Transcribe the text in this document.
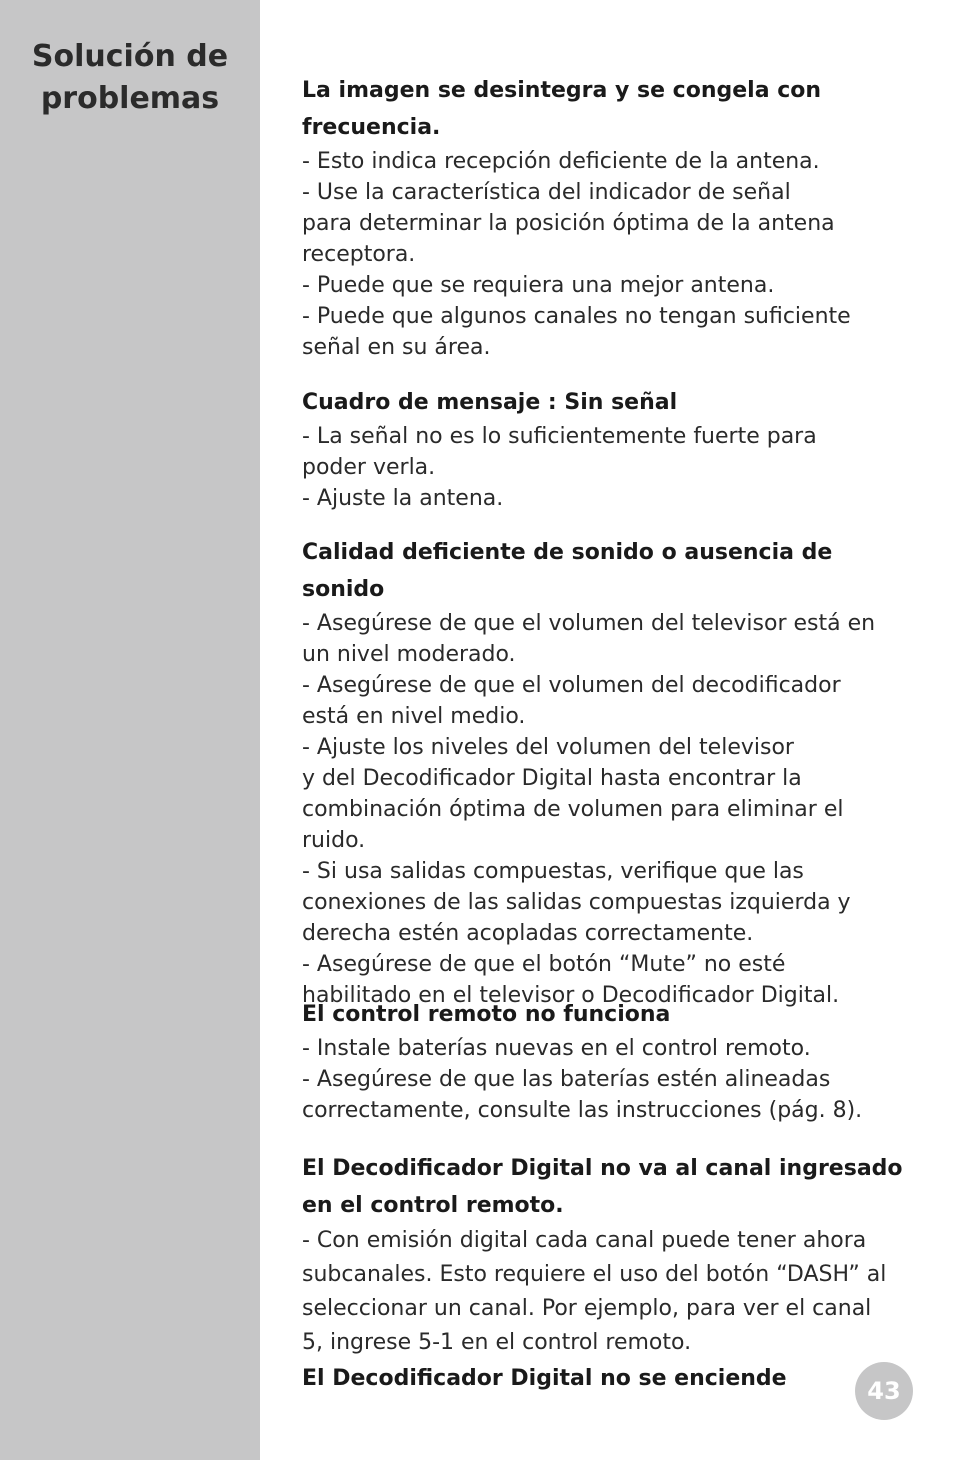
Solución de
problemas	La imagen se desintegra y se congela con

frecuencia.

- Esto indica recepción deficiente de la antena.

- Use la característica del indicador de señal

para determinar la posición óptima de la antena

receptora.

- Puede que se requiera una mejor antena.

- Puede que algunos canales no tengan suficiente

señal en su área.

Cuadro de mensaje : Sin señal

- La señal no es lo suficientemente fuerte para

poder verla.

- Ajuste la antena.

Calidad deficiente de sonido o ausencia de sonido

- Asegúrese de que el volumen del televisor está en

un nivel moderado.

- Asegúrese de que el volumen del decodificador

está en nivel medio.

- Ajuste los niveles del volumen del televisor

y del Decodificador Digital hasta encontrar la

combinación óptima de volumen para eliminar el

ruido.

- Si usa salidas compuestas, verifique que las

conexiones de las salidas compuestas izquierda y

derecha estén acopladas correctamente.

- Asegúrese de que el botón “Mute” no esté

habilitado en el televisor o Decodificador Digital.

El control remoto no funciona

- Instale baterías nuevas en el control remoto.

- Asegúrese de que las baterías estén alineadas

correctamente, consulte las instrucciones (pág. 8).

El Decodificador Digital no va al canal ingresado

en el control remoto.

- Con emisión digital cada canal puede tener ahora

subcanales. Esto requiere el uso del botón “DASH” al

seleccionar un canal. Por ejemplo, para ver el canal

5, ingrese 5-1 en el control remoto.

El Decodificador Digital no se enciende	43
